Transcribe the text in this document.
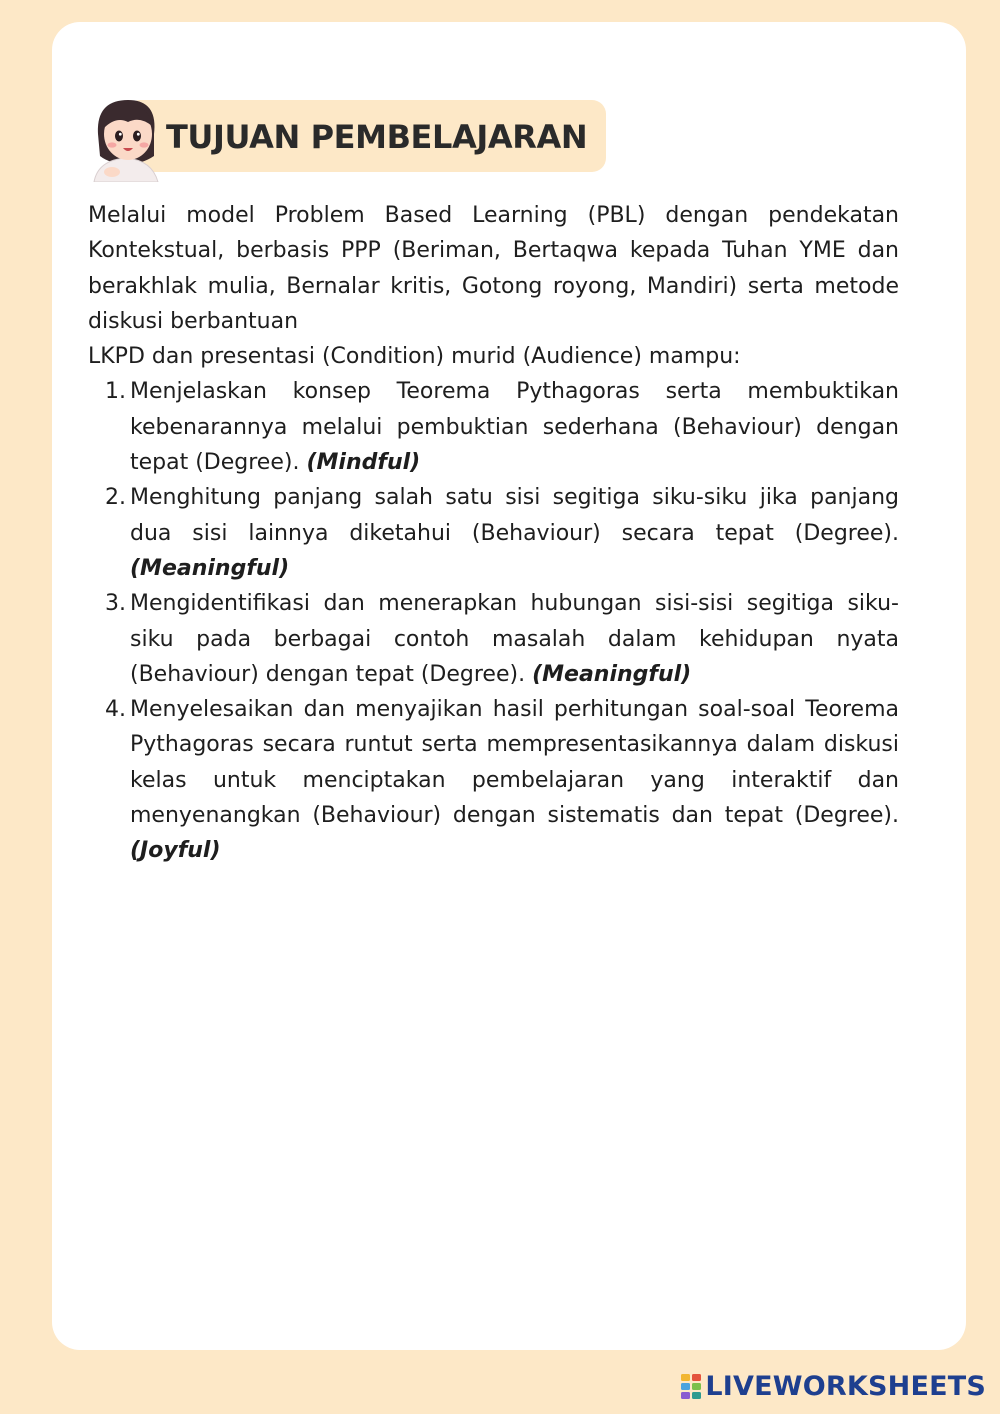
TUJUAN PEMBELAJARAN

Melalui model Problem Based Learning (PBL) dengan pendekatan Kontekstual, berbasis PPP (Beriman, Bertaqwa kepada Tuhan YME dan berakhlak mulia, Bernalar kritis, Gotong royong, Mandiri) serta metode diskusi berbantuan
LKPD dan presentasi (Condition) murid (Audience) mampu:

1. Menjelaskan konsep Teorema Pythagoras serta membuktikan kebenarannya melalui pembuktian sederhana (Behaviour) dengan tepat (Degree). (Mindful)
2. Menghitung panjang salah satu sisi segitiga siku-siku jika panjang dua sisi lainnya diketahui (Behaviour) secara tepat (Degree). (Meaningful)
3. Mengidentifikasi dan menerapkan hubungan sisi-sisi segitiga siku-siku pada berbagai contoh masalah dalam kehidupan nyata (Behaviour) dengan tepat (Degree). (Meaningful)
4. Menyelesaikan dan menyajikan hasil perhitungan soal-soal Teorema Pythagoras secara runtut serta mempresentasikannya dalam diskusi kelas untuk menciptakan pembelajaran yang interaktif dan menyenangkan (Behaviour) dengan sistematis dan tepat (Degree). (Joyful)
LIVEWORKSHEETS
